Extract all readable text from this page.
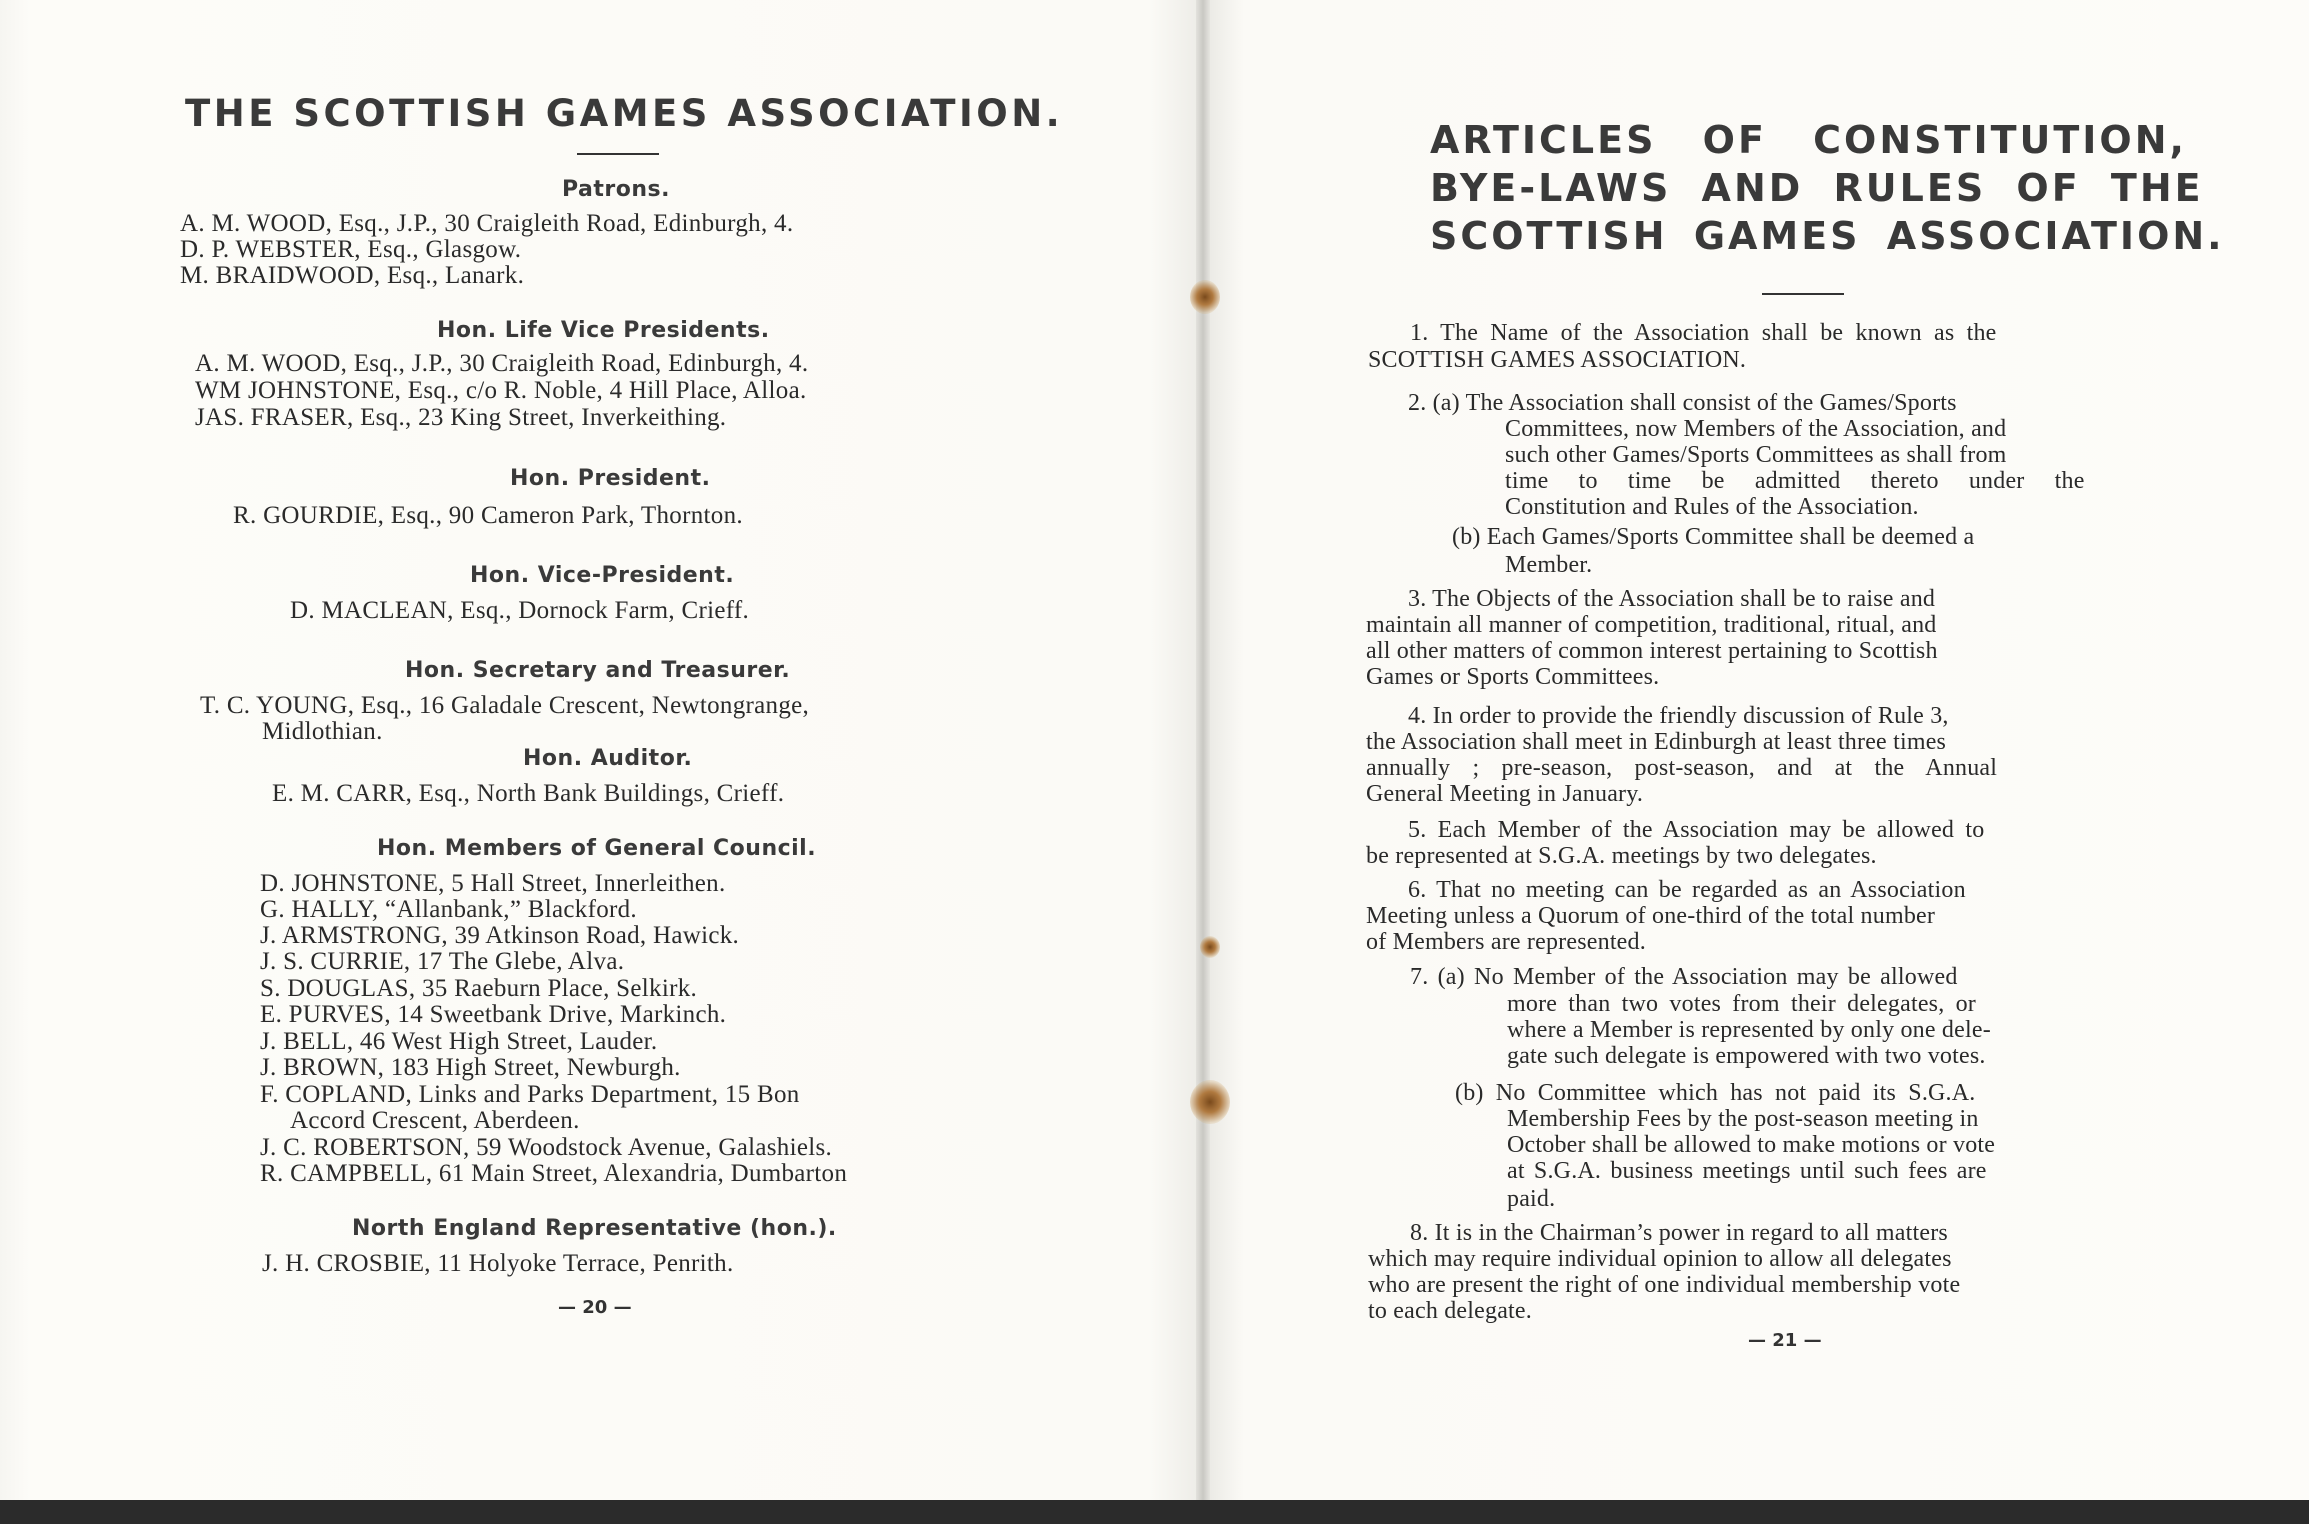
THE SCOTTISH GAMES ASSOCIATION.
Patrons.
A. M. WOOD, Esq., J.P., 30 Craigleith Road, Edinburgh, 4.
D. P. WEBSTER, Esq., Glasgow.
M. BRAIDWOOD, Esq., Lanark.
Hon. Life Vice Presidents.
A. M. WOOD, Esq., J.P., 30 Craigleith Road, Edinburgh, 4.
WM JOHNSTONE, Esq., c/o R. Noble, 4 Hill Place, Alloa.
JAS. FRASER, Esq., 23 King Street, Inverkeithing.
Hon. President.
R. GOURDIE, Esq., 90 Cameron Park, Thornton.
Hon. Vice-President.
D. MACLEAN, Esq., Dornock Farm, Crieff.
Hon. Secretary and Treasurer.
T. C. YOUNG, Esq., 16 Galadale Crescent, Newtongrange,
Midlothian.
Hon. Auditor.
E. M. CARR, Esq., North Bank Buildings, Crieff.
Hon. Members of General Council.
D. JOHNSTONE, 5 Hall Street, Innerleithen.
G. HALLY, “Allanbank,” Blackford.
J. ARMSTRONG, 39 Atkinson Road, Hawick.
J. S. CURRIE, 17 The Glebe, Alva.
S. DOUGLAS, 35 Raeburn Place, Selkirk.
E. PURVES, 14 Sweetbank Drive, Markinch.
J. BELL, 46 West High Street, Lauder.
J. BROWN, 183 High Street, Newburgh.
F. COPLAND, Links and Parks Department, 15 Bon
Accord Crescent, Aberdeen.
J. C. ROBERTSON, 59 Woodstock Avenue, Galashiels.
R. CAMPBELL, 61 Main Street, Alexandria, Dumbarton
North England Representative (hon.).
J. H. CROSBIE, 11 Holyoke Terrace, Penrith.
— 20 —
ARTICLES OF CONSTITUTION,
BYE-LAWS AND RULES OF THE
SCOTTISH GAMES ASSOCIATION.
1. The Name of the Association shall be known as the
SCOTTISH GAMES ASSOCIATION.
2. (a) The Association shall consist of the Games/Sports
Committees, now Members of the Association, and
such other Games/Sports Committees as shall from
time to time be admitted thereto under the
Constitution and Rules of the Association.
(b) Each Games/Sports Committee shall be deemed a
Member.
3. The Objects of the Association shall be to raise and
maintain all manner of competition, traditional, ritual, and
all other matters of common interest pertaining to Scottish
Games or Sports Committees.
4. In order to provide the friendly discussion of Rule 3,
the Association shall meet in Edinburgh at least three times
annually ; pre-season, post-season, and at the Annual
General Meeting in January.
5. Each Member of the Association may be allowed to
be represented at S.G.A. meetings by two delegates.
6. That no meeting can be regarded as an Association
Meeting unless a Quorum of one-third of the total number
of Members are represented.
7. (a) No Member of the Association may be allowed
more than two votes from their delegates, or
where a Member is represented by only one dele-
gate such delegate is empowered with two votes.
(b) No Committee which has not paid its S.G.A.
Membership Fees by the post-season meeting in
October shall be allowed to make motions or vote
at S.G.A. business meetings until such fees are
paid.
8. It is in the Chairman’s power in regard to all matters
which may require individual opinion to allow all delegates
who are present the right of one individual membership vote
to each delegate.
— 21 —
